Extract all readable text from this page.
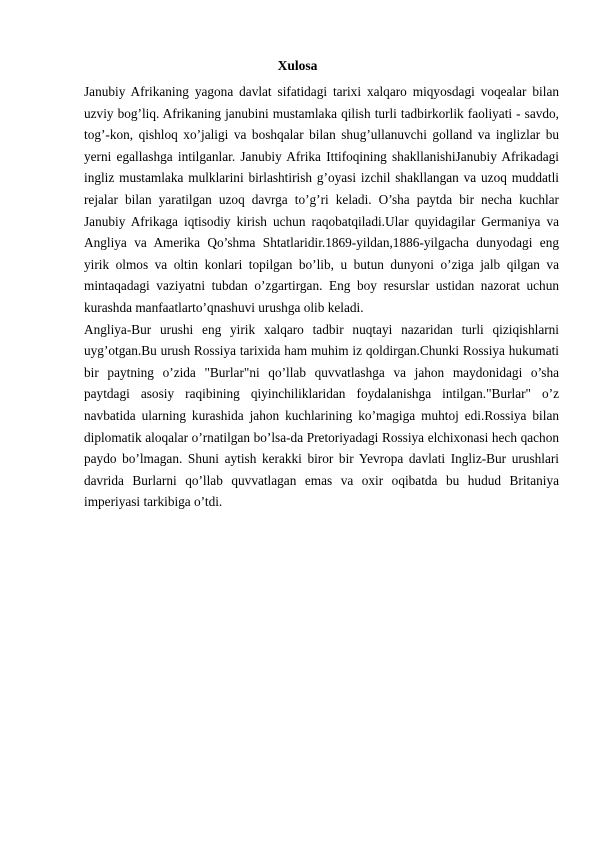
Xulosa

Janubiy Afrikaning yagona davlat sifatidagi tarixi xalqaro miqyosdagi voqealar bilan uzviy bog’liq. Afrikaning janubini mustamlaka qilish turli tadbirkorlik faoliyati - savdo, tog’-kon, qishloq xo’jaligi va boshqalar bilan shug’ullanuvchi golland va inglizlar bu yerni egallashga intilganlar. Janubiy Afrika Ittifoqining shakllanishiJanubiy Afrikadagi ingliz mustamlaka mulklarini birlashtirish g’oyasi izchil shakllangan va uzoq muddatli rejalar bilan yaratilgan uzoq davrga to’g’ri keladi. O’sha paytda bir necha kuchlar Janubiy Afrikaga iqtisodiy kirish uchun raqobatqiladi.Ular quyidagilar Germaniya va Angliya va Amerika Qo’shma Shtatlaridir.1869-yildan,1886-yilgacha dunyodagi eng yirik olmos va oltin konlari topilgan bo’lib, u butun dunyoni o’ziga jalb qilgan va mintaqadagi vaziyatni tubdan o’zgartirgan. Eng boy resurslar ustidan nazorat uchun kurashda manfaatlarto’qnashuvi urushga olib keladi.

Angliya-Bur urushi eng yirik xalqaro tadbir nuqtayi nazaridan turli qiziqishlarni uyg’otgan.Bu urush Rossiya tarixida ham muhim iz qoldirgan.Chunki Rossiya hukumati bir paytning o’zida "Burlar"ni qo’llab quvvatlashga va jahon maydonidagi o’sha paytdagi asosiy raqibining qiyinchiliklaridan foydalanishga intilgan."Burlar" o’z navbatida ularning kurashida jahon kuchlarining ko’magiga muhtoj edi.Rossiya bilan diplomatik aloqalar o’rnatilgan bo’lsa-da Pretoriyadagi Rossiya elchixonasi hech qachon paydo bo’lmagan. Shuni aytish kerakki biror bir Yevropa davlati Ingliz-Bur urushlari davrida Burlarni qo’llab quvvatlagan emas va oxir oqibatda bu hudud Britaniya imperiyasi tarkibiga o’tdi.
